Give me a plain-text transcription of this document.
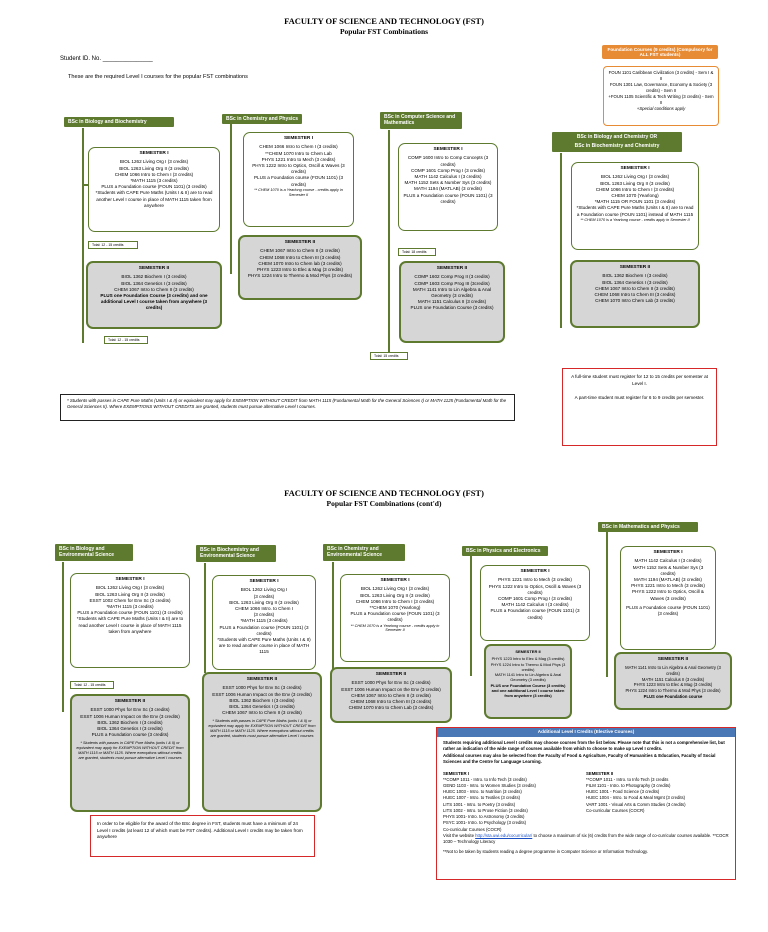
FACULTY OF SCIENCE AND TECHNOLOGY (FST)
Popular FST Combinations
Student ID. No. _______________
These are the required Level I courses for the popular FST combinations
Foundation Courses (9 credits) (Compulsory for ALL FST students)
FOUN 1101 Caribbean Civilization (3 credits) - Sem I & II
FOUN 1301 Law, Governance, Economy & Society (3 credits) - Sem II
+FOUN 1105 Scientific & Tech Writing (3 credits) - Sem II
+Special conditions apply
BSc in Biology and Biochemistry
SEMESTER I
BIOL 1262 Living Org I (3 credits)
BIOL 1263 Living Org II (3 credits)
CHEM 1066 Intro to Chem I (3 credits)
*MATH 1115 (3 credits)
PLUS a Foundation course (FOUN 1101) (3 credits)
*Students with CAPE Pure Maths (Units I & II) are to read another Level I course in place of MATH 1115 taken from anywhere
Total: 12 - 15 credits
SEMESTER II
BIOL 1362 Biochem I (3 credits)
BIOL 1364 Genetics I (3 credits)
CHEM 1067 Intro to Chem II (3 credits)
PLUS one Foundation Course (3 credits) and one additional Level I course taken from anywhere (3 credits)
Total: 12 - 15 credits
BSc in Chemistry and Physics
SEMESTER I
CHEM 1066 Intro to Chem I (3 credits)
**CHEM 1070 Intro to Chem Lab
PHYS 1221 Intro to Mech (3 credits)
PHYS 1222 Intro to Optics, Oscill & Waves (3 credits)
PLUS a Foundation course (FOUN 1101) (3 credits)
** CHEM 1070 is a Yearlong course - credits apply in Semester II
SEMESTER II
CHEM 1067 Intro to Chem II (3 credits)
CHEM 1068 Intro to Chem III (3 credits)
CHEM 1070 Intro to Chem lab (3 credits)
PHYS 1223 Intro to Elec & Mag (3 credits)
PHYS 1224 Intro to Thermo & Mod Phys (3 credits)
BSc in Computer Science and Mathematics
SEMESTER I
COMP 1600 Intro to Comp Concepts (3 credits)
COMP 1601 Comp Prog I (3 credits)
MATH 1142 Calculus I (3 credits)
MATH 1152 Sets & Number Sys (3 credits)
MATH 1194 (MATLAB) (3 credits)
PLUS a Foundation course (FOUN 1101) (3 credits)
Total: 18 credits
SEMESTER II
COMP 1602 Comp Prog II (3 credits)
COMP 1603 Comp Prog III (3credits)
MATH 1141 Intro to Lin Algebra & Anal Geometry (3 credits)
MATH 1151 Calculus II (3 credits)
PLUS one Foundation Course (3 credits)
Total: 15 credits
BSc in Biology and Chemistry OR
BSc in Biochemistry and Chemistry
SEMESTER I
BIOL 1262 Living Org I (3 credits)
BIOL 1263 Living Org II (3 credits)
CHEM 1066 Intro to Chem I (3 credits)
CHEM 1070 (Yearlong)
*MATH 1115 OR FOUN 1101 (3 credits)
*Students with CAPE Pure Maths (Units I & II) are to read a Foundation course (FOUN 1101) instead of MATH 1115
** CHEM 1070 is a Yearlong course - credits apply in Semester II
SEMESTER II
BIOL 1362 Biochem I (3 credits)
BIOL 1364 Genetics I (3 credits)
CHEM 1067 Intro to Chem II (3 credits)
CHEM 1068 Intro to Chem III (3 credits)
CHEM 1070 Intro Chem Lab (3 credits)
* Students with passes in CAPE Pure Maths (Units I & II) or equivalent may apply for EXEMPTION WITHOUT CREDIT from MATH 1115 (Fundamental Math for the General Sciences I) or MATH 1125 (Fundamental Math for the General Sciences II). Where EXEMPTIONS WITHOUT CREDITS are granted, students must pursue alternative Level I courses.
A full-time student must register for 12 to 15 credits per semester at Level I.
A part-time student must register for 6 to 9 credits per semester.
FACULTY OF SCIENCE AND TECHNOLOGY (FST)
Popular FST Combinations (cont'd)
BSc in Mathematics and Physics
BSc in Biology and Environmental Science
SEMESTER I
BIOL 1262 Living Org I (3 credits)
BIOL 1263 Living Org II (3 credits)
ESST 1002 Chem for Env Sc (3 credits)
*MATH 1115 (3 credits)
PLUS a Foundation course (FOUN 1101) (3 credits)
*Students with CAPE Pure Maths (Units I & II) are to read another Level I course in place of MATH 1115 taken from anywhere
Total: 12 - 15 credits
SEMESTER II
ESST 1000 Phys for Env Sc (3 credits)
ESST 1006 Human Impact on the Env (3 credits)
BIOL 1362 Biochem I (3 credits)
BIOL 1364 Genetics I (3 credits)
PLUS a Foundation course (3 credits)
* Students with passes in CAPE Pure Maths (units I & II) or equivalent may apply for EXEMPTION WITHOUT CREDIT from MATH 1115 or MATH 1125. Where exemptions without credits are granted, students must pursue alternative Level I courses
BSc in Biochemistry and Environmental Science
SEMESTER I
BIOL 1262 Living Org I
(3 credits)
BIOL 1263 Living Org II (3 credits)
CHEM 1066 Intro. to Chem I
(3 credits)
*MATH 1115 (3 credits)
PLUS a Foundation course (FOUN 1101) (3 credits)
*Students with CAPE Pure Maths (Units I & II) are to read another course in place of MATH 1115
SEMESTER II
ESST 1000 Phys for Env Sc (3 credits)
ESST 1006 Human Impact on the Env (3 credits)
BIOL 1362 Biochem I (3 credits)
BIOL 1364 Genetics I (3 credits)
CHEM 1067 Intro to Chem II (3 credits)
* Students with passes in CAPE Pure Maths (units I & II) or equivalent may apply for EXEMPTION WITHOUT CREDIT from MATH 1115 or MATH 1125. Where exemptions without credits are granted, students must pursue alternative Level I courses
BSc in Chemistry and Environmental Science
SEMESTER I
BIOL 1262 Living Org I (3 credits)
BIOL 1263 Living Org II (3 credits)
CHEM 1066 Intro to Chem I (3 credits)
**CHEM 1070 (Yearlong)
PLUS a Foundation course (FOUN 1101) (3 credits)
** CHEM 1070 is a Yearlong course - credits apply in Semester II
SEMESTER II
ESST 1000 Phys for Env Sc (3 credits)
ESST 1006 Human Impact on the Env (3 credits)
CHEM 1067 Intro to Chem II (3 credits)
CHEM 1068 Intro to Chem III (3 credits)
CHEM 1070 Intro to Chem Lab (3 credits)
BSc in Physics and Electronics
SEMESTER I
PHYS 1221 Intro to Mech (3 credits)
PHYS 1222 Intro to Optics, Oscill & Waves (3 credits)
COMP 1601 Comp Prog I (3 credits)
MATH 1142 Calculus I (3 credits)
PLUS a Foundation course (FOUN 1101) (3 credits)
SEMESTER II
PHYS 1223 Intro to Elec & Mag (3 credits)
PHYS 1224 Intro to Thermo & Mod Phys (3 credits)
MATH 1141 Intro to Lin Algebra & Anal Geometry (3 credits)
PLUS one Foundation Course (3 credits) and one additional Level I course taken from anywhere (3 credits)
SEMESTER I
MATH 1142 Calculus I (3 credits)
MATH 1152 Sets & Number Sys (3 credits)
MATH 1194 (MATLAB) (3 credits)
PHYS 1221 Intro to Mech (3 credits)
PHYS 1222 Intro to Optics, Oscill & Waves (3 credits)
PLUS a Foundation course (FOUN 1101) (3 credits)
SEMESTER II
MATH 1141 Intro to Lin Algebra & Anal Geometry (3 credits)
MATH 1151 Calculus II (3 credits)
PHYS 1223 Intro to Elec & Mag (3 credits)
PHYS 1224 Intro to Thermo & Mod Phys (3 credits)
PLUS one Foundation course
Additional Level I Credits (Elective Courses)
Students requiring additional Level I credits may choose courses from the list below. Please note that this is not a comprehensive list, but rather an indication of the wide range of courses available from which to choose to make up Level I credits.
Additional courses may also be selected from the Faculty of Food & Agriculture, Faculty of Humanities & Education, Faculty of Social Sciences and the Centre for Language Learning.
SEMESTER I
**COMP 1011 - Intro. to Info Tech (3 credits)
GEND 1103 - Intro. to Women Studies (3 credits)
HUEC 1003 - Intro. to Nutrition (3 credits)
HUEC 1007 - Intro. to Textiles (3 credits)
LITS 1001 - Intro. to Poetry (3 credits)
LITS 1002 - Intro. to Prose Fiction (3 credits)
PHYS 1001- Intro. to Astronomy (3 credits)
PSYC 1001- Intro. to Psychology (3 credits)
Co-curricular Courses (COCR)
SEMESTER II
**COMP 1011 - Intro. to Info Tech (3 credits
FILM 1101 - Intro. to Photography (3 credits)
HUEC 1001 - Food Science (3 credits)
HUEC 1004 - Intro. to Food & Meal Mgmt (3 credits)
VART 1001 - Visual Arts & Comm Studies (3 credits)
Co-curricular Courses (COCR)
Visit the website http://sta.uwi.edu/cocurricular/ to choose a maximum of six (6) credits from the wide range of co-curricular courses available. **COCR 1030 – Technology Literacy
**Not to be taken by students reading a degree programme in Computer Science or Information Technology.
In order to be eligible for the award of the BSc degree in FST, students must have a minimum of 24 Level I credits (at least 12 of which must be FST credits). Additional Level I credits may be taken from anywhere
